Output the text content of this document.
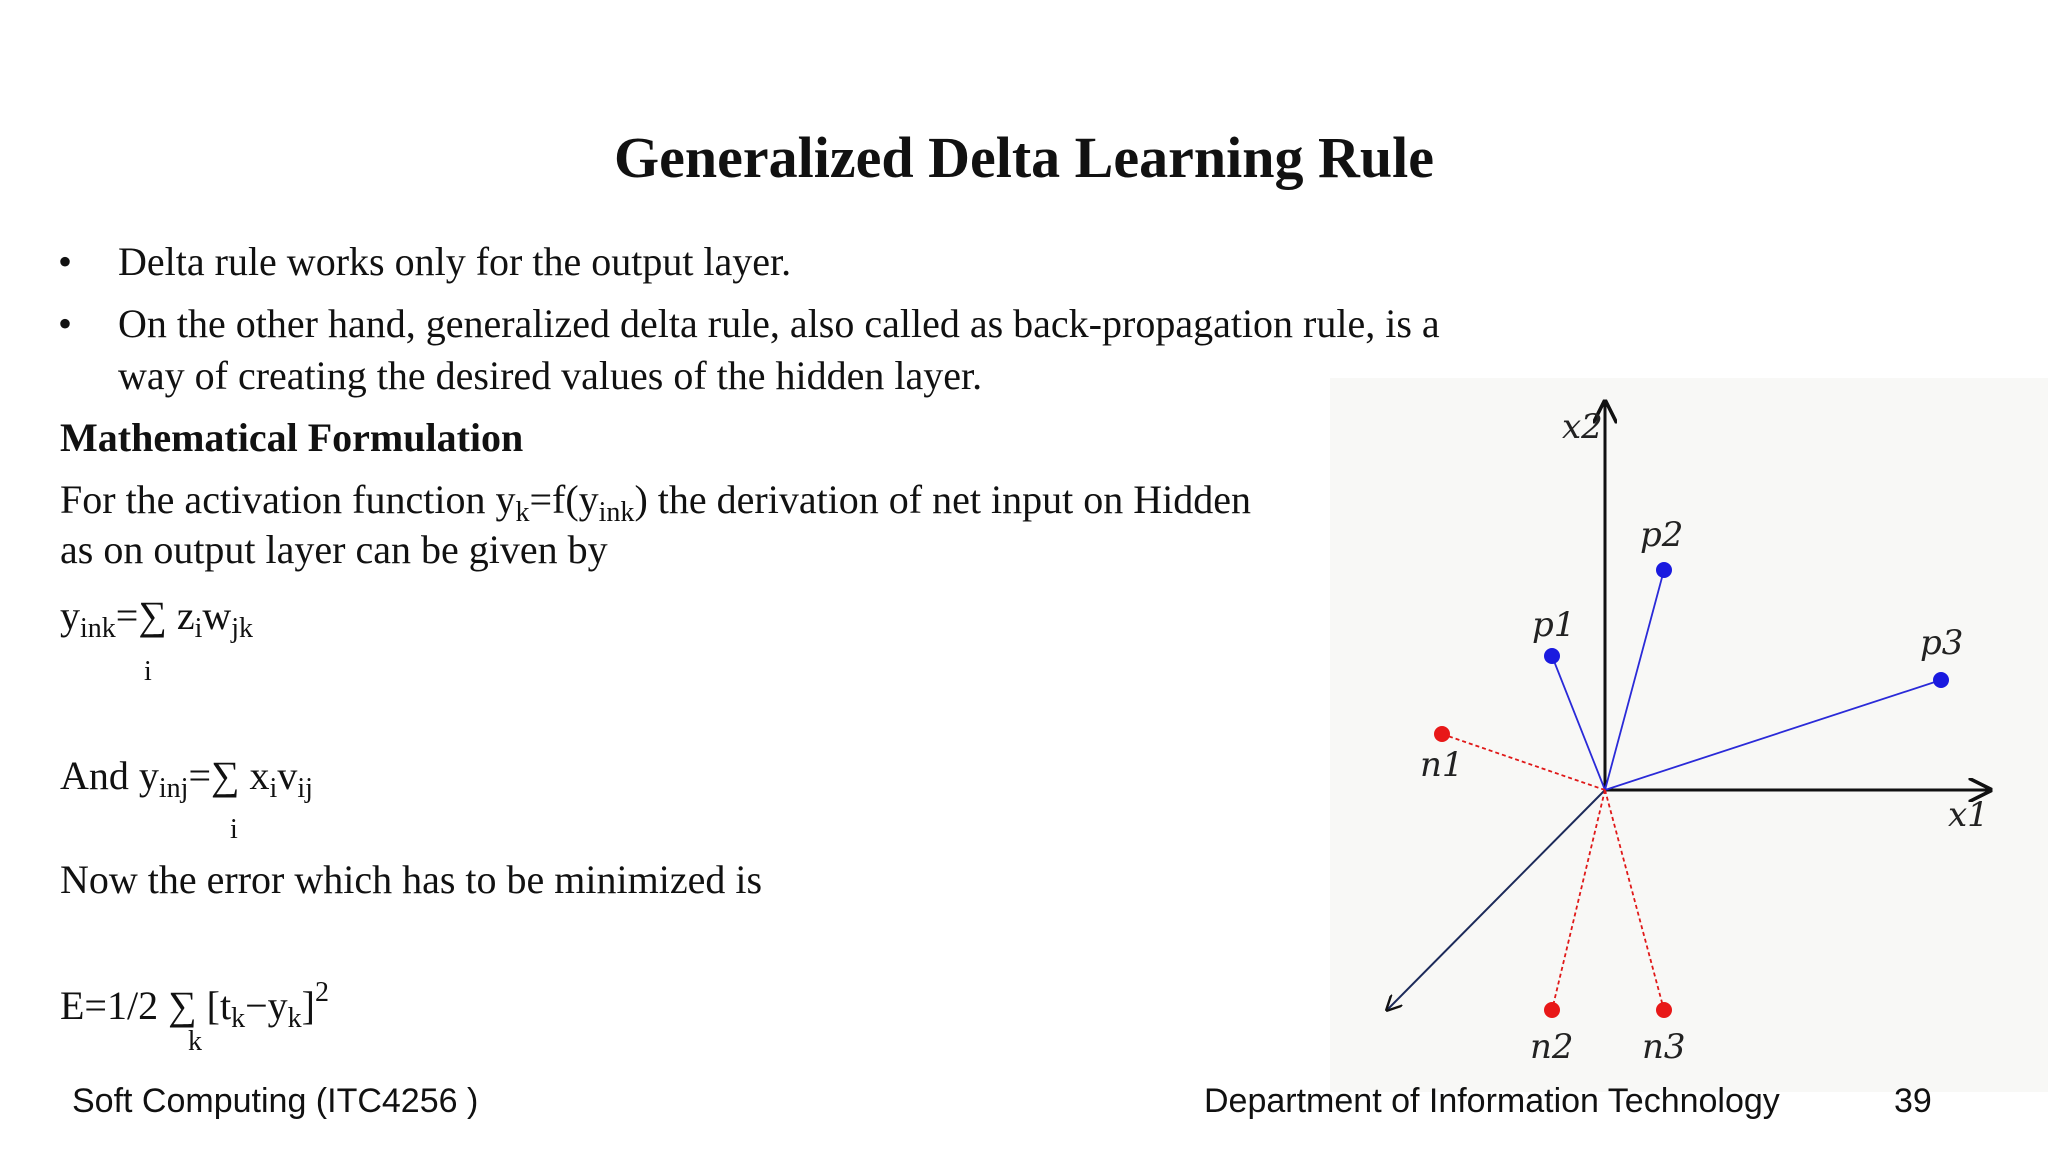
Generalized Delta Learning Rule
• Delta rule works only for the output layer.
• On the other hand, generalized delta rule, also called as back-propagation rule, is a
way of creating the desired values of the hidden layer.
Mathematical Formulation
For the activation function $y_k=f(y_{ink})$ the derivation of net input on Hidden
as on output layer can be given by
$y_{ink}=\sum$ $z_iw_{jk}$
i
And $y_{inj}=\sum$ $x_iv_{ij}$
i
Now the error which has to be minimized is
E=1/2 ∑ $[t_k-y_k]^2$
k
x2
x1
p1
p2
p3
n1
n2 n3
Soft Computing (ITC4256 )	Department of Information Technology	39
